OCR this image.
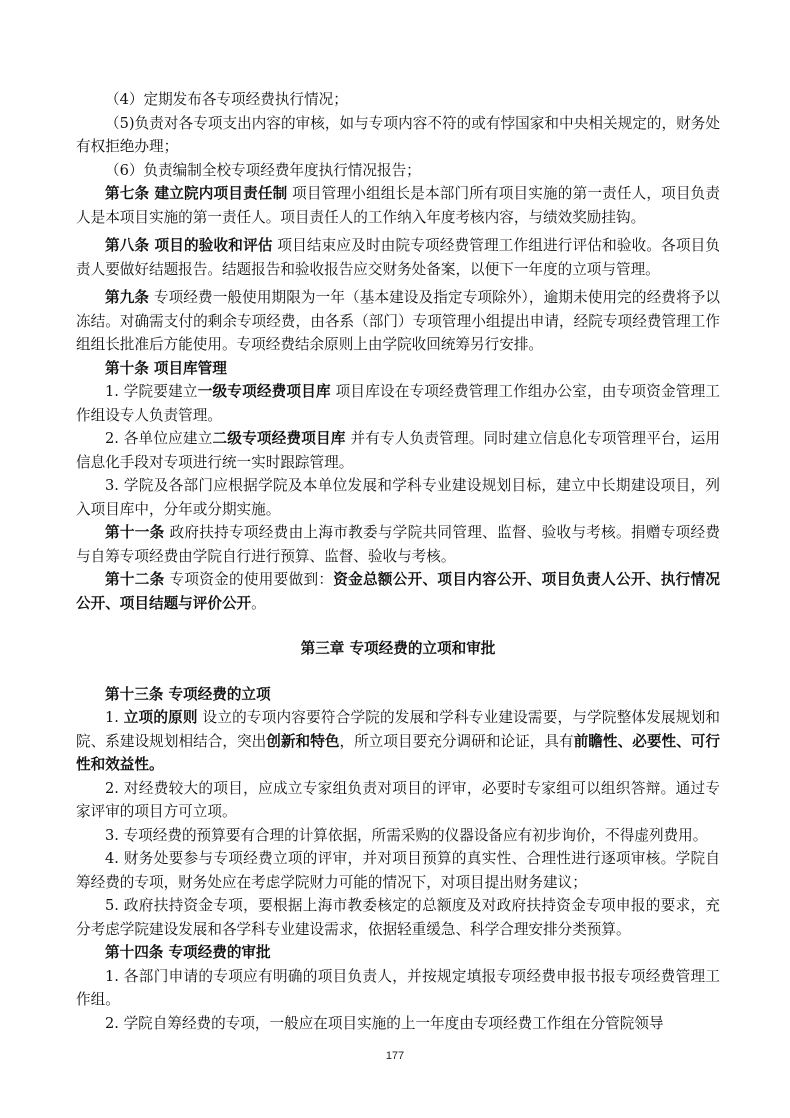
（4）定期发布各专项经费执行情况；

（5)负责对各专项支出内容的审核，如与专项内容不符的或有悖国家和中央相关规定的，财务处有权拒绝办理；

（6）负责编制全校专项经费年度执行情况报告；

第七条 建立院内项目责任制 项目管理小组组长是本部门所有项目实施的第一责任人，项目负责人是本项目实施的第一责任人。项目责任人的工作纳入年度考核内容，与绩效奖励挂钩。

第八条 项目的验收和评估 项目结束应及时由院专项经费管理工作组进行评估和验收。各项目负责人要做好结题报告。结题报告和验收报告应交财务处备案，以便下一年度的立项与管理。

第九条 专项经费一般使用期限为一年（基本建设及指定专项除外），逾期未使用完的经费将予以冻结。对确需支付的剩余专项经费，由各系（部门）专项管理小组提出申请，经院专项经费管理工作组组长批准后方能使用。专项经费结余原则上由学院收回统筹另行安排。

第十条 项目库管理

1. 学院要建立一级专项经费项目库 项目库设在专项经费管理工作组办公室，由专项资金管理工作组设专人负责管理。

2. 各单位应建立二级专项经费项目库 并有专人负责管理。同时建立信息化专项管理平台，运用信息化手段对专项进行统一实时跟踪管理。

3. 学院及各部门应根据学院及本单位发展和学科专业建设规划目标，建立中长期建设项目，列入项目库中，分年或分期实施。

第十一条 政府扶持专项经费由上海市教委与学院共同管理、监督、验收与考核。捐赠专项经费与自筹专项经费由学院自行进行预算、监督、验收与考核。

第十二条 专项资金的使用要做到：资金总额公开、项目内容公开、项目负责人公开、执行情况公开、项目结题与评价公开。

第三章 专项经费的立项和审批

第十三条 专项经费的立项

1. 立项的原则 设立的专项内容要符合学院的发展和学科专业建设需要，与学院整体发展规划和院、系建设规划相结合，突出创新和特色，所立项目要充分调研和论证，具有前瞻性、必要性、可行性和效益性。

2. 对经费较大的项目，应成立专家组负责对项目的评审，必要时专家组可以组织答辩。通过专家评审的项目方可立项。

3. 专项经费的预算要有合理的计算依据，所需采购的仪器设备应有初步询价，不得虚列费用。

4. 财务处要参与专项经费立项的评审，并对项目预算的真实性、合理性进行逐项审核。学院自筹经费的专项，财务处应在考虑学院财力可能的情况下，对项目提出财务建议；

5. 政府扶持资金专项，要根据上海市教委核定的总额度及对政府扶持资金专项申报的要求，充分考虑学院建设发展和各学科专业建设需求，依据轻重缓急、科学合理安排分类预算。

第十四条 专项经费的审批

1. 各部门申请的专项应有明确的项目负责人，并按规定填报专项经费申报书报专项经费管理工作组。

2. 学院自筹经费的专项，一般应在项目实施的上一年度由专项经费工作组在分管院领导

177
